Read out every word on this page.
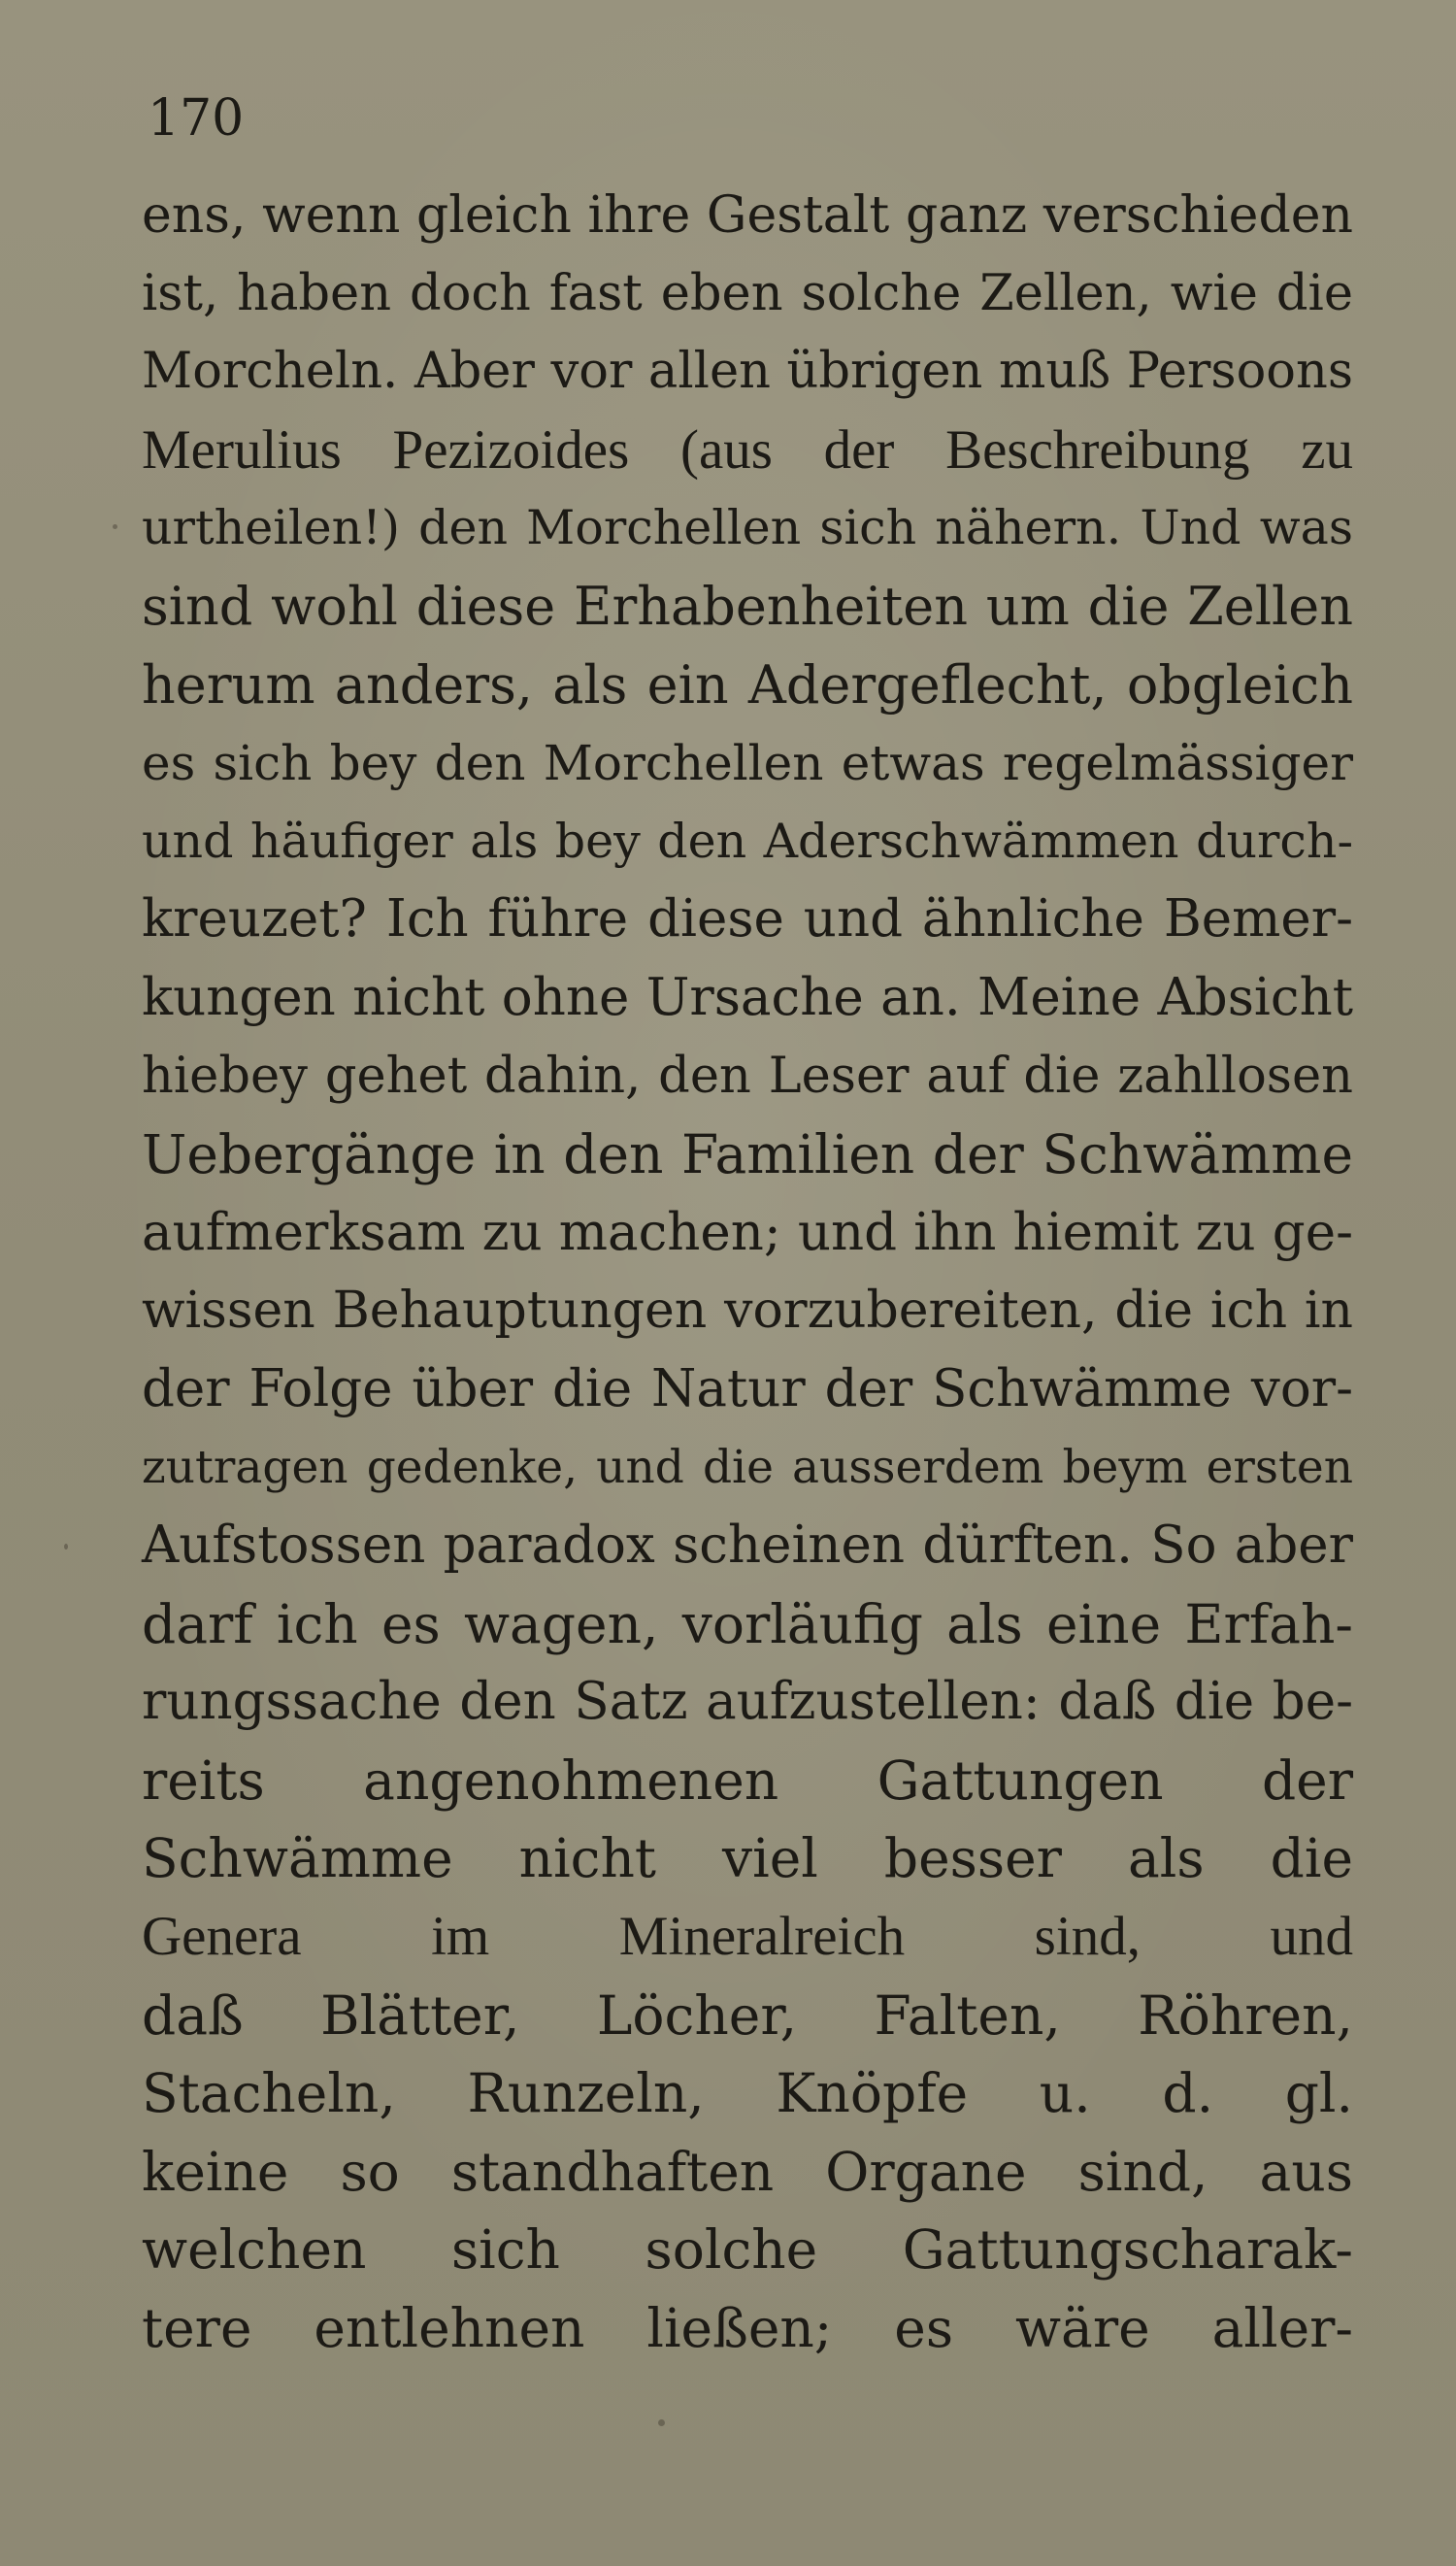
170
ens, wenn gleich ihre Gestalt ganz verschieden
ist, haben doch fast eben solche Zellen, wie die
Morcheln. Aber vor allen übrigen muß Persoons
Merulius Pezizoides (aus der Beschreibung zu
urtheilen!) den Morchellen sich nähern. Und was
sind wohl diese Erhabenheiten um die Zellen
herum anders, als ein Adergeflecht, obgleich
es sich bey den Morchellen etwas regelmässiger
und häufiger als bey den Aderschwämmen durch-
kreuzet? Ich führe diese und ähnliche Bemer-
kungen nicht ohne Ursache an. Meine Absicht
hiebey gehet dahin, den Leser auf die zahllosen
Uebergänge in den Familien der Schwämme
aufmerksam zu machen; und ihn hiemit zu ge-
wissen Behauptungen vorzubereiten, die ich in
der Folge über die Natur der Schwämme vor-
zutragen gedenke, und die ausserdem beym ersten
Aufstossen paradox scheinen dürften. So aber
darf ich es wagen, vorläufig als eine Erfah-
rungssache den Satz aufzustellen: daß die be-
reits angenohmenen Gattungen der
Schwämme nicht viel besser als die
Genera im Mineralreich sind, und
daß Blätter, Löcher, Falten, Röhren,
Stacheln, Runzeln, Knöpfe u. d. gl.
keine so standhaften Organe sind, aus
welchen sich solche Gattungscharak-
tere entlehnen ließen; es wäre aller-
